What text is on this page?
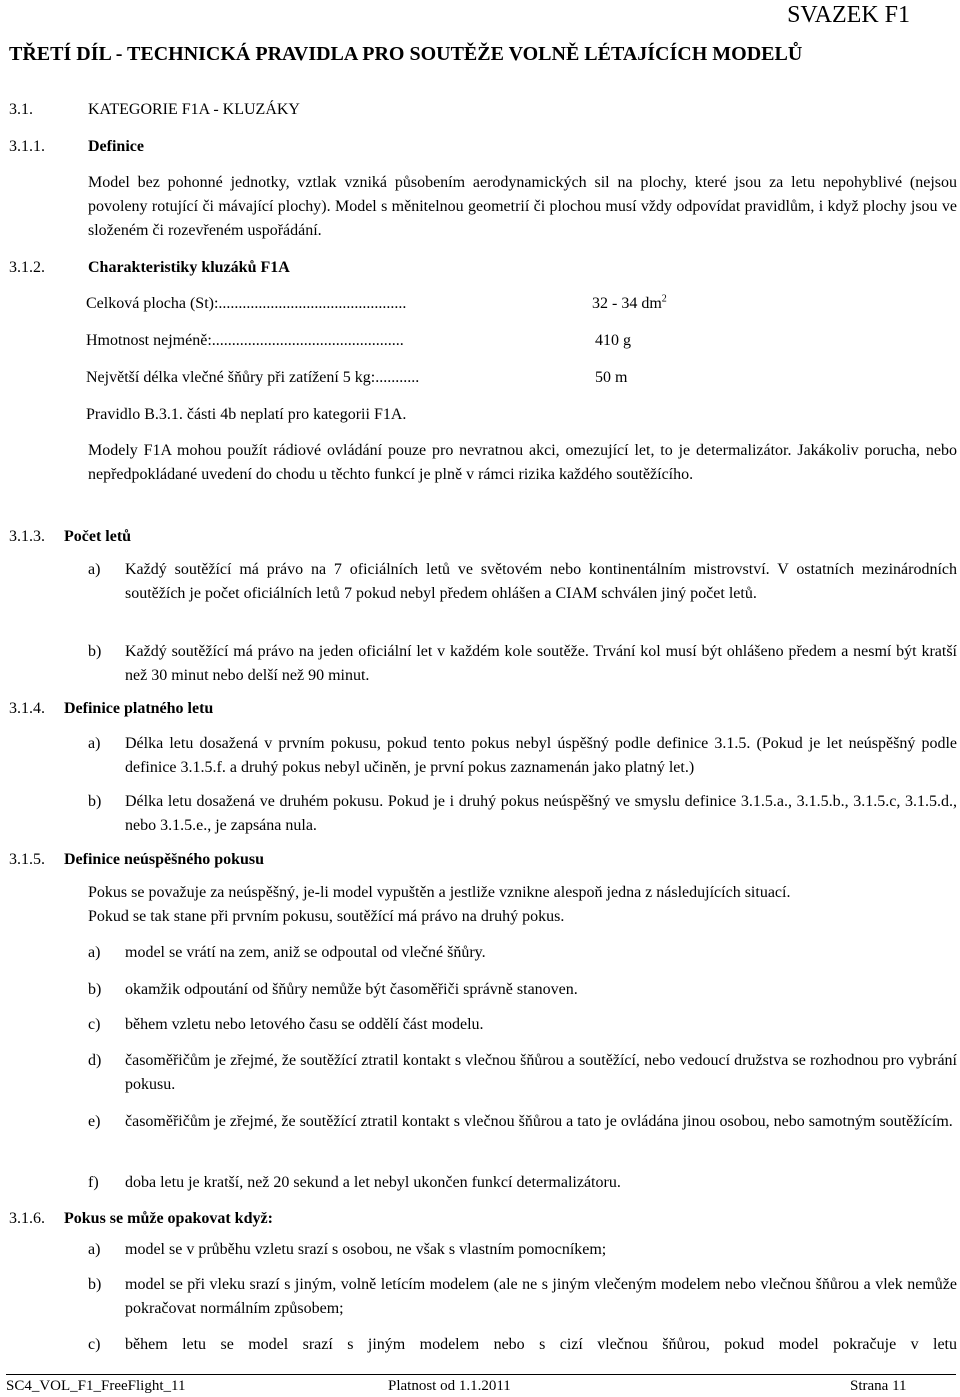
SVAZEK F1
TŘETÍ DÍL - TECHNICKÁ PRAVIDLA PRO SOUTĚŽE VOLNĚ LÉTAJÍCÍCH MODELŮ
3.1.	KATEGORIE F1A - KLUZÁKY
3.1.1.	Definice
Model bez pohonné jednotky, vztlak vzniká působením aerodynamických sil na plochy, které jsou za letu nepohyblivé (nejsou povoleny rotující či mávající plochy). Model s měnitelnou geometrií či plochou musí vždy odpovídat pravidlům, i když plochy jsou ve složeném či rozevřeném uspořádání.
3.1.2.	Charakteristiky kluzáků F1A
Celková plocha (St):...............................................	32 - 34 $dm^2$
Hmotnost nejméně:................................................	410 g
Největší délka vlečné šňůry při zatížení 5 kg:...........	50 m
Pravidlo B.3.1. části 4b neplatí pro kategorii F1A.
Modely F1A mohou použít rádiové ovládání pouze pro nevratnou akci, omezující let, to je determalizátor. Jakákoliv porucha, nebo nepředpokládané uvedení do chodu u těchto funkcí je plně v rámci rizika každého soutěžícího.
3.1.3. Počet letů
a) Každý soutěžící má právo na 7 oficiálních letů ve světovém nebo kontinentálním mistrovství. V ostatních mezinárodních soutěžích je počet oficiálních letů 7 pokud nebyl předem ohlášen a CIAM schválen jiný počet letů.
b) Každý soutěžící má právo na jeden oficiální let v každém kole soutěže. Trvání kol musí být ohlášeno předem a nesmí být kratší než 30 minut nebo delší než 90 minut.
3.1.4. Definice platného letu
a) Délka letu dosažená v prvním pokusu, pokud tento pokus nebyl úspěšný podle definice 3.1.5. (Pokud je let neúspěšný podle definice 3.1.5.f. a druhý pokus nebyl učiněn, je první pokus zaznamenán jako platný let.)
b) Délka letu dosažená ve druhém pokusu. Pokud je i druhý pokus neúspěšný ve smyslu definice 3.1.5.a., 3.1.5.b., 3.1.5.c, 3.1.5.d., nebo 3.1.5.e., je zapsána nula.
3.1.5. Definice neúspěšného pokusu
Pokus se považuje za neúspěšný, je-li model vypuštěn a jestliže vznikne alespoň jedna z následujících situací.
Pokud se tak stane při prvním pokusu, soutěžící má právo na druhý pokus.
a) model se vrátí na zem, aniž se odpoutal od vlečné šňůry.
b) okamžik odpoutání od šňůry nemůže být časoměřiči správně stanoven.
c) během vzletu nebo letového času se oddělí část modelu.
d) časoměřičům je zřejmé, že soutěžící ztratil kontakt s vlečnou šňůrou a soutěžící, nebo vedoucí družstva se rozhodnou pro vybrání pokusu.
e) časoměřičům je zřejmé, že soutěžící ztratil kontakt s vlečnou šňůrou a tato je ovládána jinou osobou, nebo samotným soutěžícím.
f) doba letu je kratší, než 20 sekund a let nebyl ukončen funkcí determalizátoru.
3.1.6. Pokus se může opakovat když:
a) model se v průběhu vzletu srazí s osobou, ne však s vlastním pomocníkem;
b) model se při vleku srazí s jiným, volně letícím modelem (ale ne s jiným vlečeným modelem nebo vlečnou šňůrou a vlek nemůže pokračovat normálním způsobem;
c) během letu se model srazí s jiným modelem nebo s cizí vlečnou šňůrou, pokud model pokračuje v letu
SC4_VOL_F1_FreeFlight_11	Platnost od 1.1.2011	Strana 11
